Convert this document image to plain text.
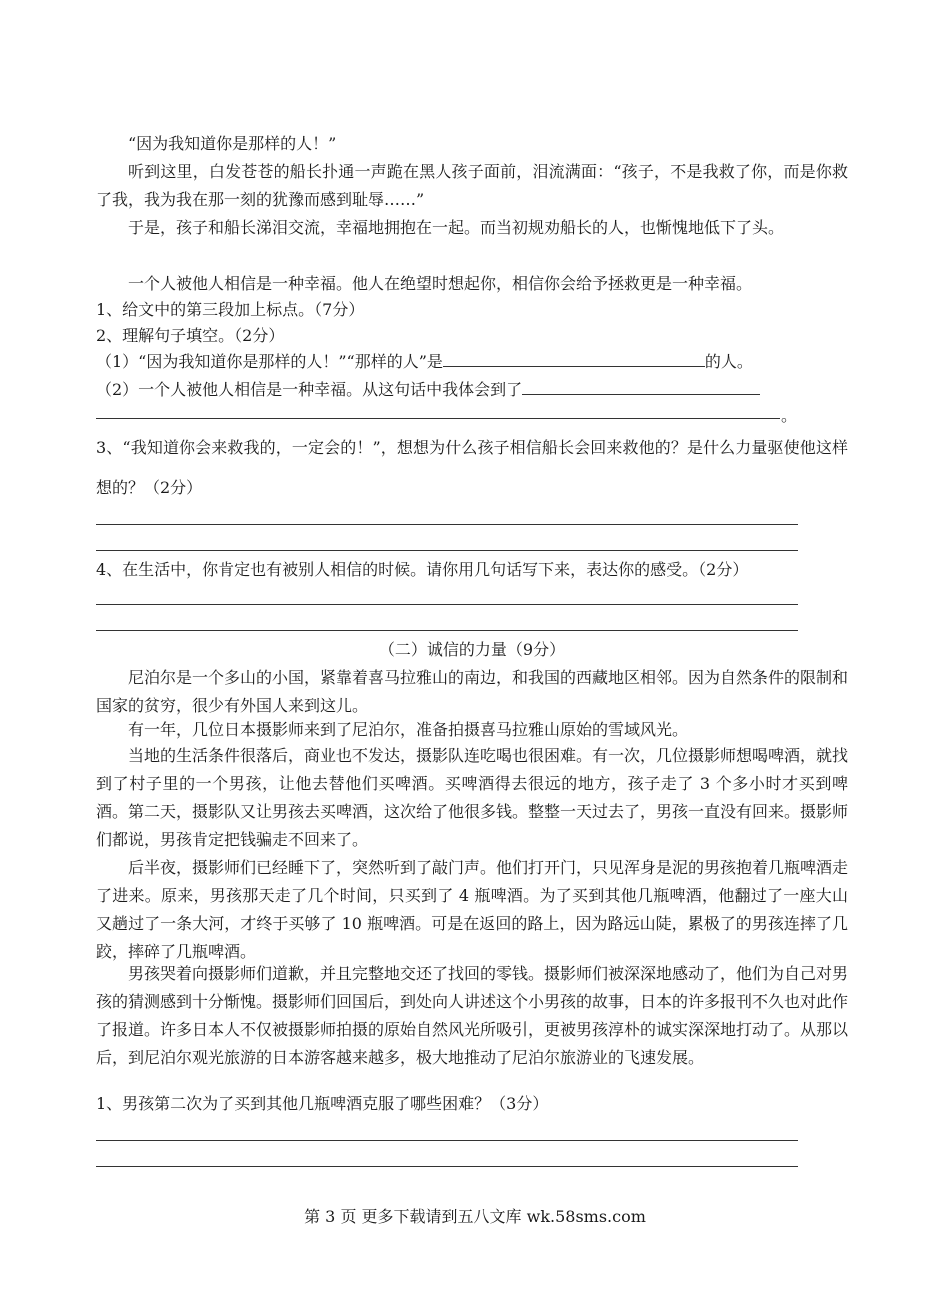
“因为我知道你是那样的人！”
听到这里，白发苍苍的船长扑通一声跪在黑人孩子面前，泪流满面：“孩子，不是我救了你，而是你救了我，我为我在那一刻的犹豫而感到耻辱……”
于是，孩子和船长涕泪交流，幸福地拥抱在一起。而当初规劝船长的人，也惭愧地低下了头。
一个人被他人相信是一种幸福。他人在绝望时想起你，相信你会给予拯救更是一种幸福。
1、给文中的第三段加上标点。（7分）
2、理解句子填空。（2分）
（1）“因为我知道你是那样的人！”“那样的人”是	的人。
（2）一个人被他人相信是一种幸福。从这句话中我体会到了
。
3、“我知道你会来救我的，一定会的！”，想想为什么孩子相信船长会回来救他的？是什么力量驱使他这样想的？（2分）
4、在生活中，你肯定也有被别人相信的时候。请你用几句话写下来，表达你的感受。（2分）
（二）诚信的力量（9分）
尼泊尔是一个多山的小国，紧靠着喜马拉雅山的南边，和我国的西藏地区相邻。因为自然条件的限制和国家的贫穷，很少有外国人来到这儿。
有一年，几位日本摄影师来到了尼泊尔，准备拍摄喜马拉雅山原始的雪域风光。
当地的生活条件很落后，商业也不发达，摄影队连吃喝也很困难。有一次，几位摄影师想喝啤酒，就找到了村子里的一个男孩，让他去替他们买啤酒。买啤酒得去很远的地方，孩子走了 3 个多小时才买到啤酒。第二天，摄影队又让男孩去买啤酒，这次给了他很多钱。整整一天过去了，男孩一直没有回来。摄影师们都说，男孩肯定把钱骗走不回来了。
后半夜，摄影师们已经睡下了，突然听到了敲门声。他们打开门，只见浑身是泥的男孩抱着几瓶啤酒走了进来。原来，男孩那天走了几个时间，只买到了 4 瓶啤酒。为了买到其他几瓶啤酒，他翻过了一座大山又趟过了一条大河，才终于买够了 10 瓶啤酒。可是在返回的路上，因为路远山陡，累极了的男孩连摔了几跤，摔碎了几瓶啤酒。
男孩哭着向摄影师们道歉，并且完整地交还了找回的零钱。摄影师们被深深地感动了，他们为自己对男孩的猜测感到十分惭愧。摄影师们回国后，到处向人讲述这个小男孩的故事，日本的许多报刊不久也对此作了报道。许多日本人不仅被摄影师拍摄的原始自然风光所吸引，更被男孩淳朴的诚实深深地打动了。从那以后，到尼泊尔观光旅游的日本游客越来越多，极大地推动了尼泊尔旅游业的飞速发展。
1、男孩第二次为了买到其他几瓶啤酒克服了哪些困难？（3分）
第 3 页 更多下载请到五八文库 wk.58sms.com
